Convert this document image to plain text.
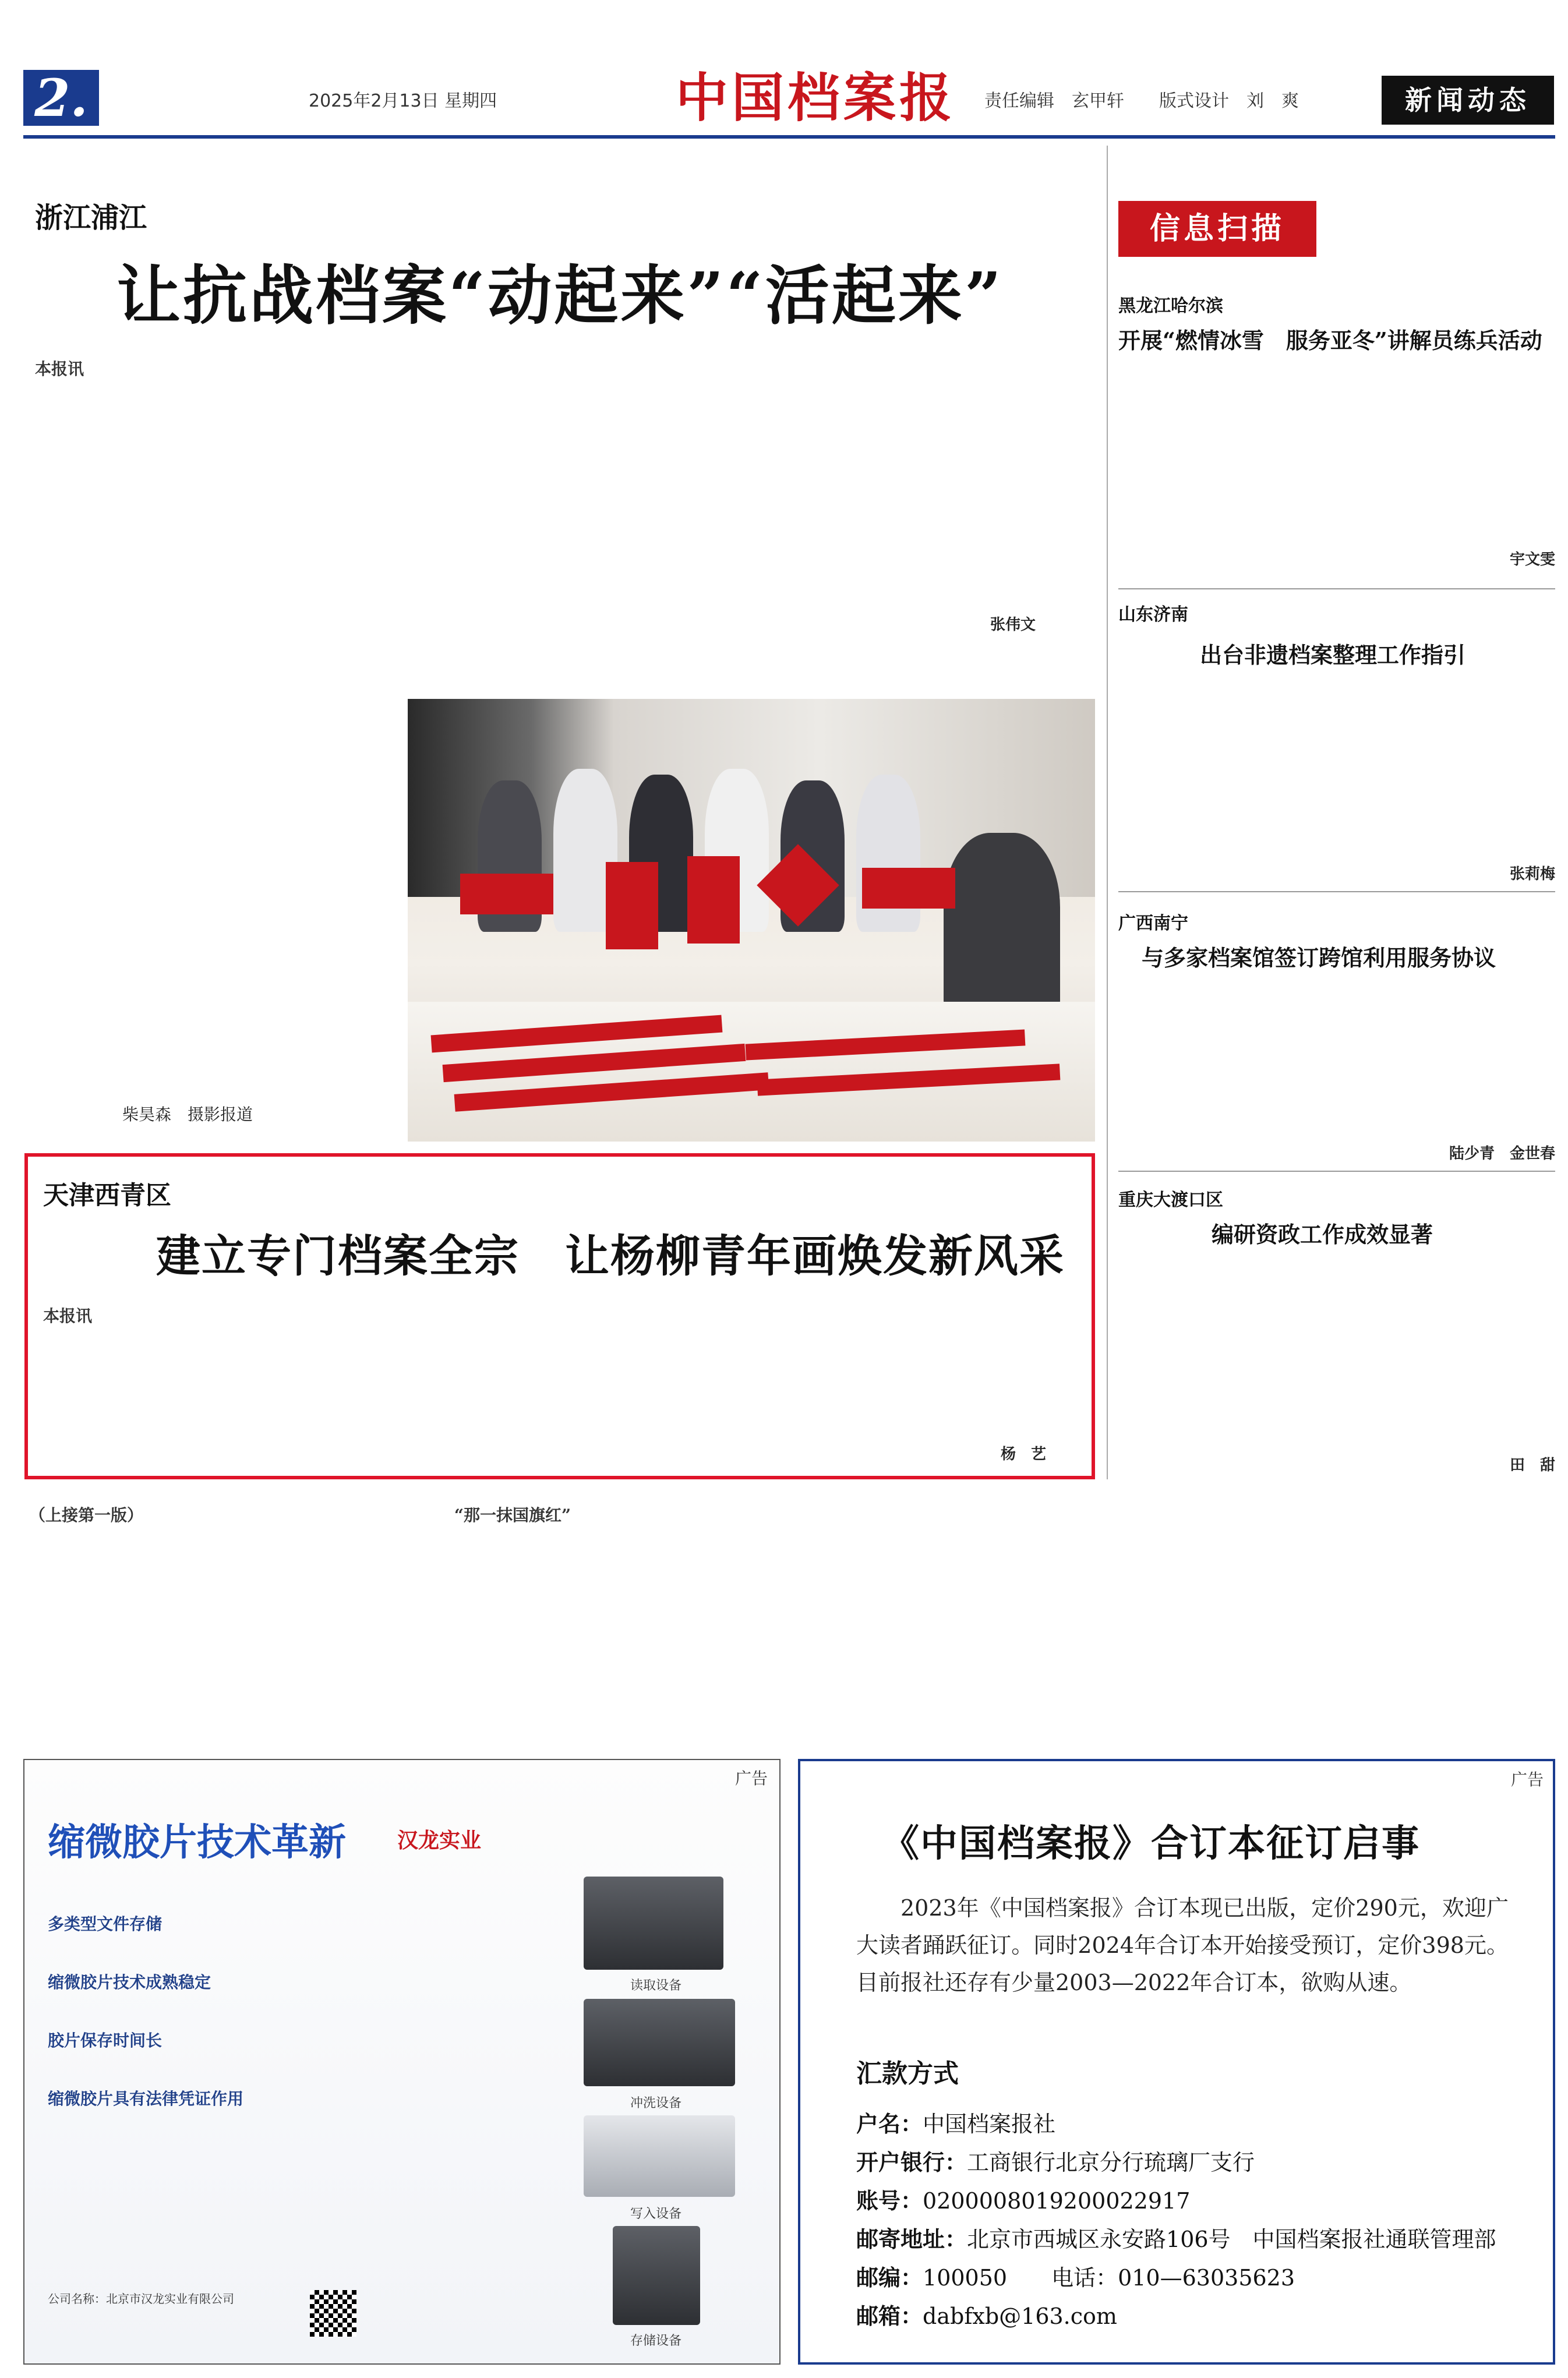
2.	2025年2月13日 星期四	中国档案报 责任编辑　玄甲轩　　版式设计　刘　爽	新闻动态
浙江浦江
让抗战档案“动起来”“活起来”
本报讯
张伟文
柴昊森　摄影报道
信息扫描
黑龙江哈尔滨
开展“燃情冰雪　服务亚冬”讲解员练兵活动
宇文雯
山东济南
出台非遗档案整理工作指引
张莉梅
广西南宁
与多家档案馆签订跨馆利用服务协议
陆少青　金世春
重庆大渡口区
编研资政工作成效显著
田　甜
天津西青区
建立专门档案全宗　让杨柳青年画焕发新风采
本报讯
杨　艺
（上接第一版）	“那一抹国旗红”
广告
缩微胶片技术革新 汉龙实业
多类型文件存储
缩微胶片技术成熟稳定
胶片保存时间长
缩微胶片具有法律凭证作用
读取设备
冲洗设备
写入设备
存储设备
公司名称：北京市汉龙实业有限公司
广告
《中国档案报》合订本征订启事
2023年《中国档案报》合订本现已出版，定价290元，欢迎广大读者踊跃征订。同时2024年合订本开始接受预订，定价398元。目前报社还存有少量2003—2022年合订本，欲购从速。
汇款方式
户名：中国档案报社
开户银行：工商银行北京分行琉璃厂支行
账号：0200008019200022917
邮寄地址：北京市西城区永安路106号　中国档案报社通联管理部
邮编：100050　　电话：010—63035623
邮箱：dabfxb@163.com
